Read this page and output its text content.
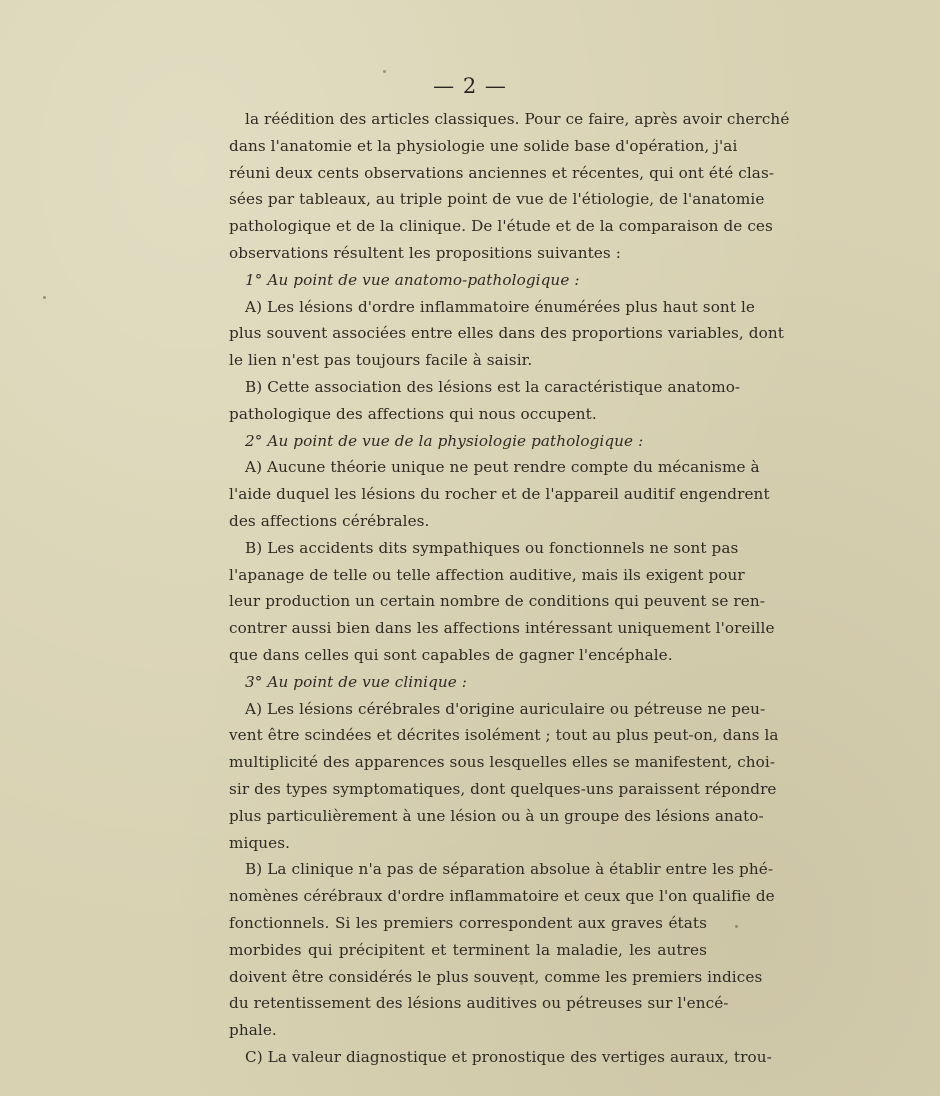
— 2 —
la réédition des articles classiques. Pour ce faire, après avoir cherché
dans l'anatomie et la physiologie une solide base d'opération, j'ai
réuni deux cents observations anciennes et récentes, qui ont été clas-
sées par tableaux, au triple point de vue de l'étiologie, de l'anatomie
pathologique et de la clinique. De l'étude et de la comparaison de ces
observations résultent les propositions suivantes :
1° Au point de vue anatomo-pathologique :
A) Les lésions d'ordre inflammatoire énumérées plus haut sont le
plus souvent associées entre elles dans des proportions variables, dont
le lien n'est pas toujours facile à saisir.
B) Cette association des lésions est la caractéristique anatomo-
pathologique des affections qui nous occupent.
2° Au point de vue de la physiologie pathologique :
A) Aucune théorie unique ne peut rendre compte du mécanisme à
l'aide duquel les lésions du rocher et de l'appareil auditif engendrent
des affections cérébrales.
B) Les accidents dits sympathiques ou fonctionnels ne sont pas
l'apanage de telle ou telle affection auditive, mais ils exigent pour
leur production un certain nombre de conditions qui peuvent se ren-
contrer aussi bien dans les affections intéressant uniquement l'oreille
que dans celles qui sont capables de gagner l'encéphale.
3° Au point de vue clinique :
A) Les lésions cérébrales d'origine auriculaire ou pétreuse ne peu-
vent être scindées et décrites isolément ; tout au plus peut-on, dans la
multiplicité des apparences sous lesquelles elles se manifestent, choi-
sir des types symptomatiques, dont quelques-uns paraissent répondre
plus particulièrement à une lésion ou à un groupe des lésions anato-
miques.
B) La clinique n'a pas de séparation absolue à établir entre les phé-
nomènes cérébraux d'ordre inflammatoire et ceux que l'on qualifie de
fonctionnels. Si les premiers correspondent aux graves états
morbides qui précipitent et terminent la maladie, les autres
doivent être considérés le plus souvent, comme les premiers indices
du retentissement des lésions auditives ou pétreuses sur l'encé-
phale.
C) La valeur diagnostique et pronostique des vertiges auraux, trou-
